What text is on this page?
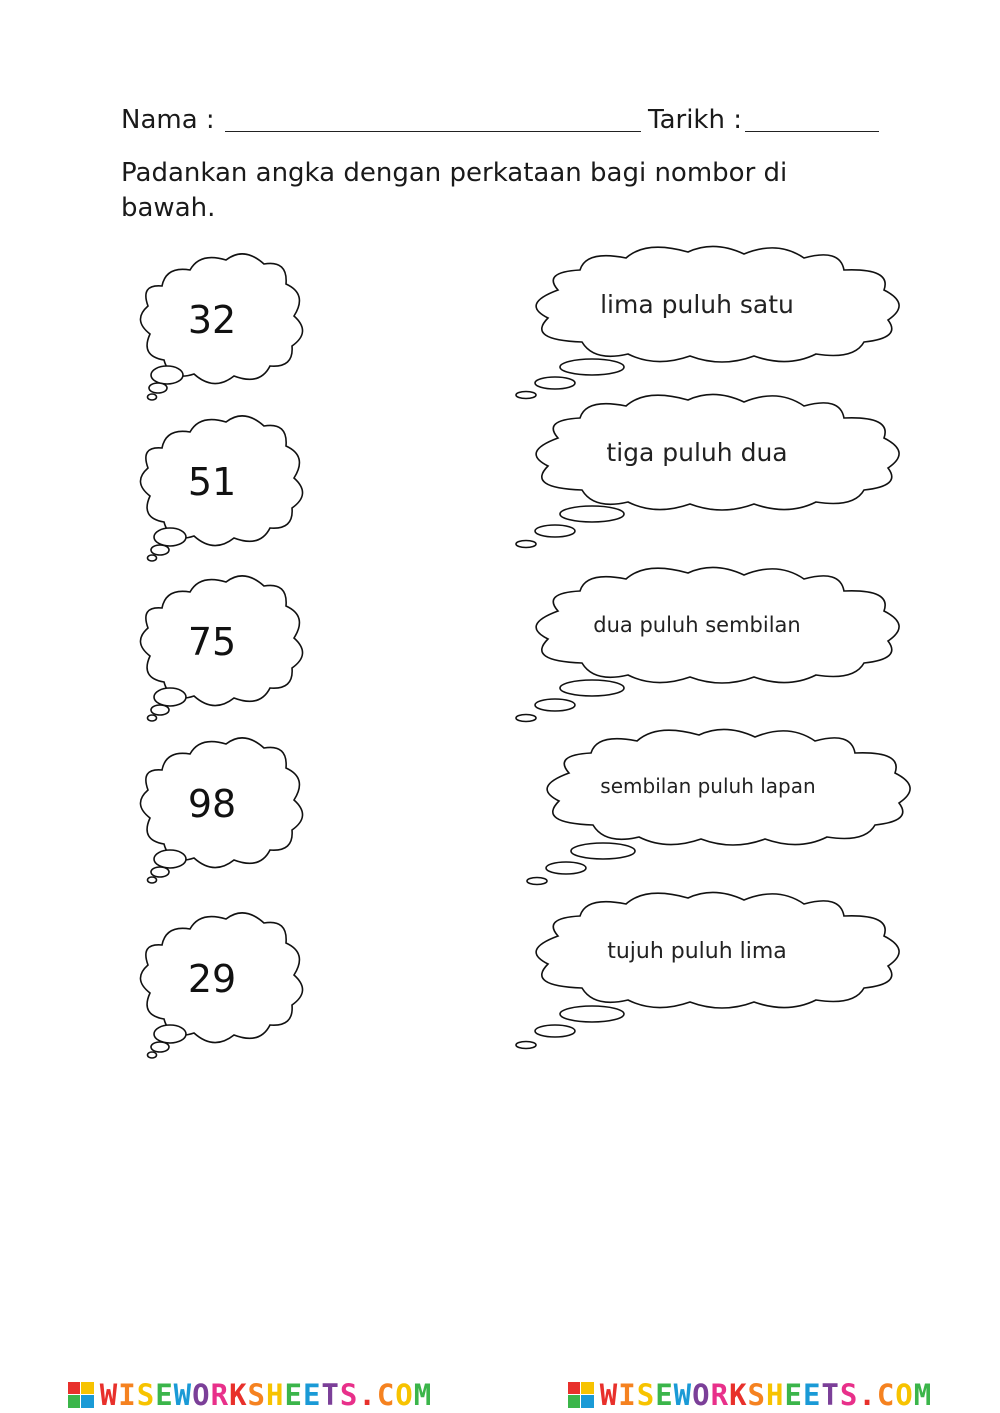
Nama :	Tarikh :
Padankan angka dengan perkataan bagi nombor di bawah.
32
51
75
98
29
lima puluh satu
tiga puluh dua
dua puluh sembilan
sembilan puluh lapan
tujuh puluh lima
WISEWORKSHEETS.COM	WISEWORKSHEETS.COM
